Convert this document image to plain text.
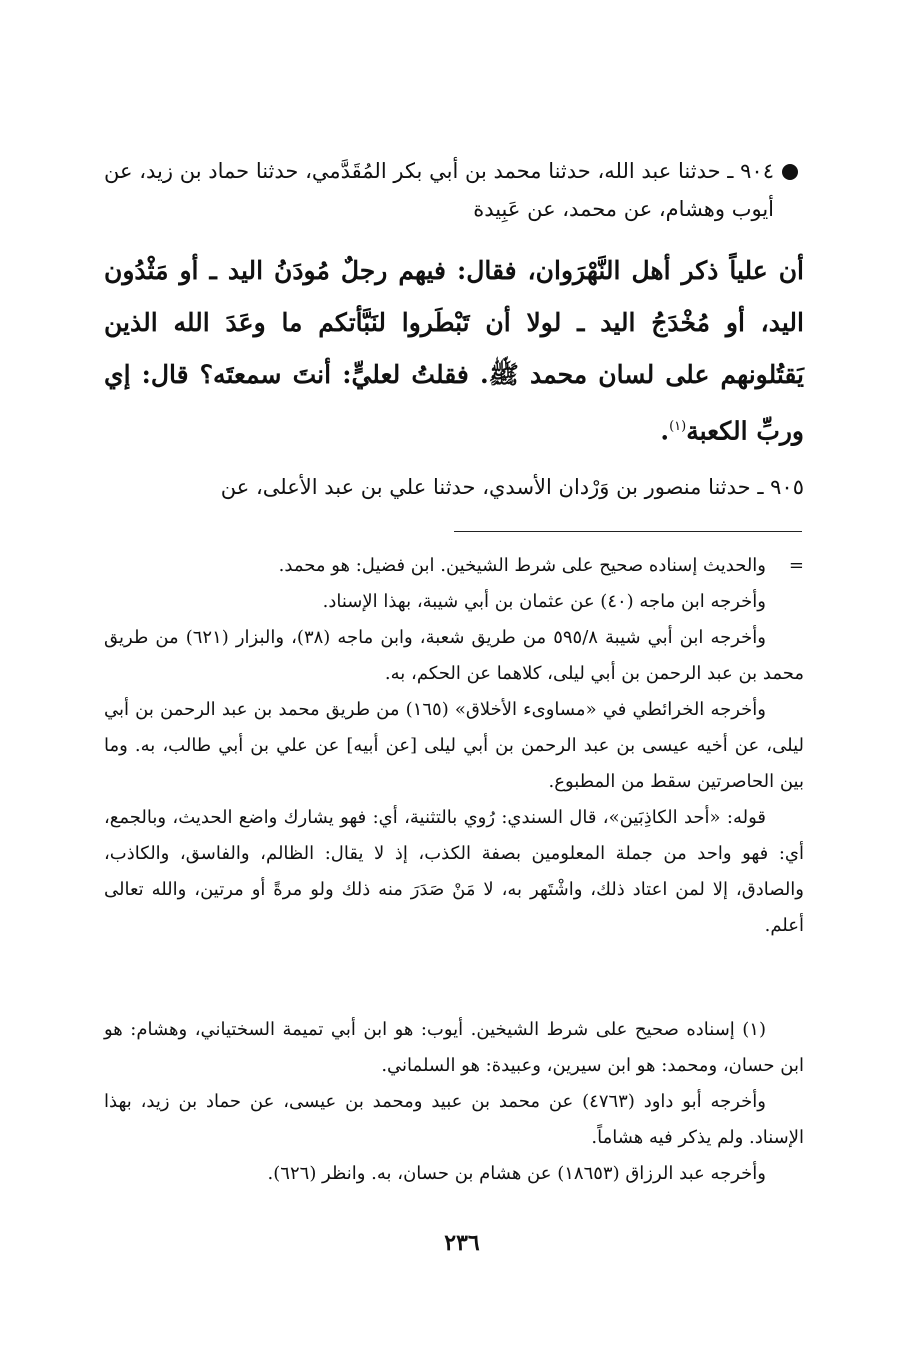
٩٠٤ ـ حدثنا عبد الله، حدثنا محمد بن أبي بكر المُقَدَّمي، حدثنا حماد بن زيد، عن أيوب وهشام، عن محمد، عن عَبِيدة
أن علياً ذكر أهل النَّهْرَوان، فقال: فيهم رجلٌ مُودَنُ اليد ـ أو مَثْدُون اليد، أو مُخْدَجُ اليد ـ لولا أن تَبْطَروا لنَبَّأتكم ما وعَدَ الله الذين يَقتُلونهم على لسان محمد ﷺ. فقلتُ لعليٍّ: أنتَ سمعتَه؟ قال: إي وربِّ الكعبة$^{(١)}$.
٩٠٥ ـ حدثنا منصور بن وَرْدان الأسدي، حدثنا علي بن عبد الأعلى، عن
=

والحديث إسناده صحيح على شرط الشيخين. ابن فضيل: هو محمد.

وأخرجه ابن ماجه (٤٠) عن عثمان بن أبي شيبة، بهذا الإسناد.

وأخرجه ابن أبي شيبة ٥٩٥/٨ من طريق شعبة، وابن ماجه (٣٨)، والبزار (٦٢١) من طريق محمد بن عبد الرحمن بن أبي ليلى، كلاهما عن الحكم، به.

وأخرجه الخرائطي في «مساوىء الأخلاق» (١٦٥) من طريق محمد بن عبد الرحمن بن أبي ليلى، عن أخيه عيسى بن عبد الرحمن بن أبي ليلى [عن أبيه] عن علي بن أبي طالب، به. وما بين الحاصرتين سقط من المطبوع.

قوله: «أحد الكاذِبَين»، قال السندي: رُوي بالتثنية، أي: فهو يشارك واضع الحديث، وبالجمع، أي: فهو واحد من جملة المعلومين بصفة الكذب، إذ لا يقال: الظالم، والفاسق، والكاذب، والصادق، إلا لمن اعتاد ذلك، واشْتَهر به، لا مَنْ صَدَرَ منه ذلك ولو مرةً أو مرتين، والله تعالى أعلم.

(١) إسناده صحيح على شرط الشيخين. أيوب: هو ابن أبي تميمة السختياني، وهشام: هو ابن حسان، ومحمد: هو ابن سيرين، وعبيدة: هو السلماني.

وأخرجه أبو داود (٤٧٦٣) عن محمد بن عبيد ومحمد بن عيسى، عن حماد بن زيد، بهذا الإسناد. ولم يذكر فيه هشاماً.

وأخرجه عبد الرزاق (١٨٦٥٣) عن هشام بن حسان، به. وانظر (٦٢٦).

٢٣٦
